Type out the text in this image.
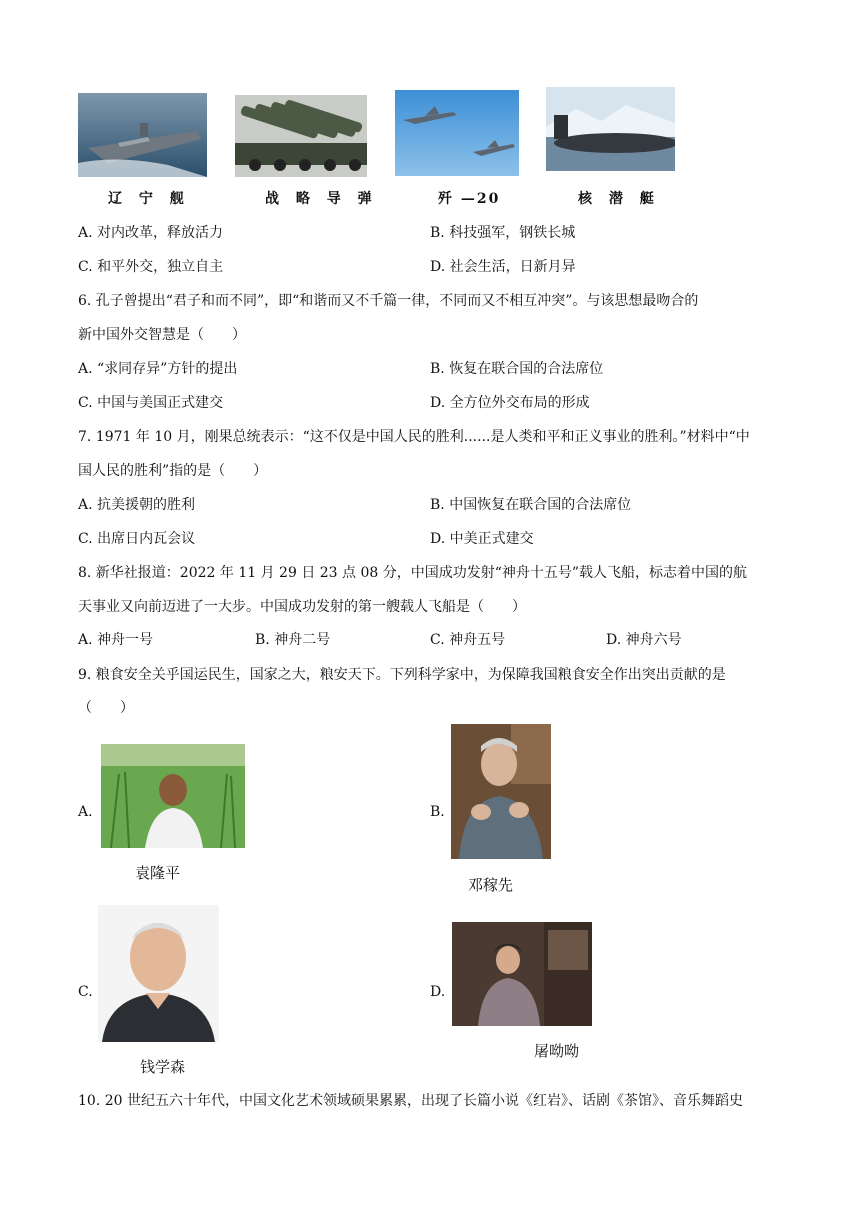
辽 宁 舰	战 略 导 弹	歼 —20	核 潜 艇
A. 对内改革，释放活力	B. 科技强军，钢铁长城
C. 和平外交，独立自主	D. 社会生活，日新月异
6. 孔子曾提出“君子和而不同”，即“和谐而又不千篇一律，不同而又不相互冲突”。与该思想最吻合的
新中国外交智慧是（　　）
A. “求同存异”方针的提出	B. 恢复在联合国的合法席位
C. 中国与美国正式建交	D. 全方位外交布局的形成
7. 1971 年 10 月，刚果总统表示：“这不仅是中国人民的胜利......是人类和平和正义事业的胜利。”材料中“中
国人民的胜利”指的是（　　）
A. 抗美援朝的胜利	B. 中国恢复在联合国的合法席位
C. 出席日内瓦会议	D. 中美正式建交
8. 新华社报道：2022 年 11 月 29 日 23 点 08 分，中国成功发射“神舟十五号”载人飞船，标志着中国的航
天事业又向前迈进了一大步。中国成功发射的第一艘载人飞船是（　　）
A. 神舟一号	B. 神舟二号	C. 神舟五号	D. 神舟六号
9. 粮食安全关乎国运民生，国家之大，粮安天下。下列科学家中，为保障我国粮食安全作出突出贡献的是
（　　）
A.
袁隆平
B.
邓稼先
C.
钱学森
D.
屠呦呦
10. 20 世纪五六十年代，中国文化艺术领域硕果累累，出现了长篇小说《红岩》、话剧《茶馆》、音乐舞蹈史
